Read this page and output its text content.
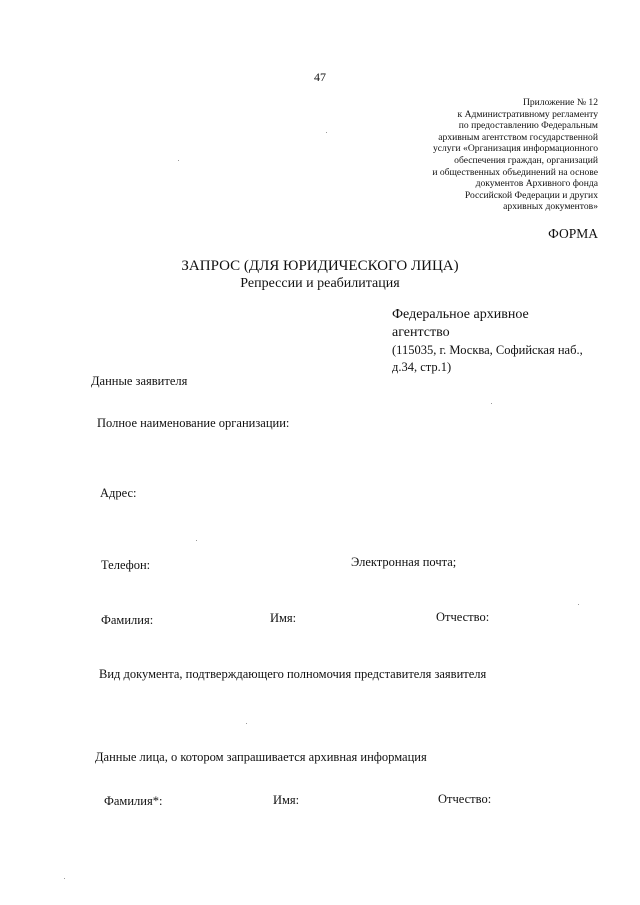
47
Приложение № 12
к Административному регламенту
по предоставлению Федеральным
архивным агентством государственной
услуги «Организация информационного
обеспечения граждан, организаций
и общественных объединений на основе
документов Архивного фонда
Российской Федерации и других
архивных документов»
ФОРМА
ЗАПРОС (ДЛЯ ЮРИДИЧЕСКОГО ЛИЦА)
Репрессии и реабилитация
Федеральное архивное
агентство
(115035, г. Москва, Софийская наб.,
д.34, стр.1)
Данные заявителя
Полное наименование организации:
Адрес:
Телефон:	Электронная почта;
Фамилия:	Имя:	Отчество:
Вид документа, подтверждающего полномочия представителя заявителя
Данные лица, о котором запрашивается архивная информация
Фамилия*:	Имя:	Отчество:
